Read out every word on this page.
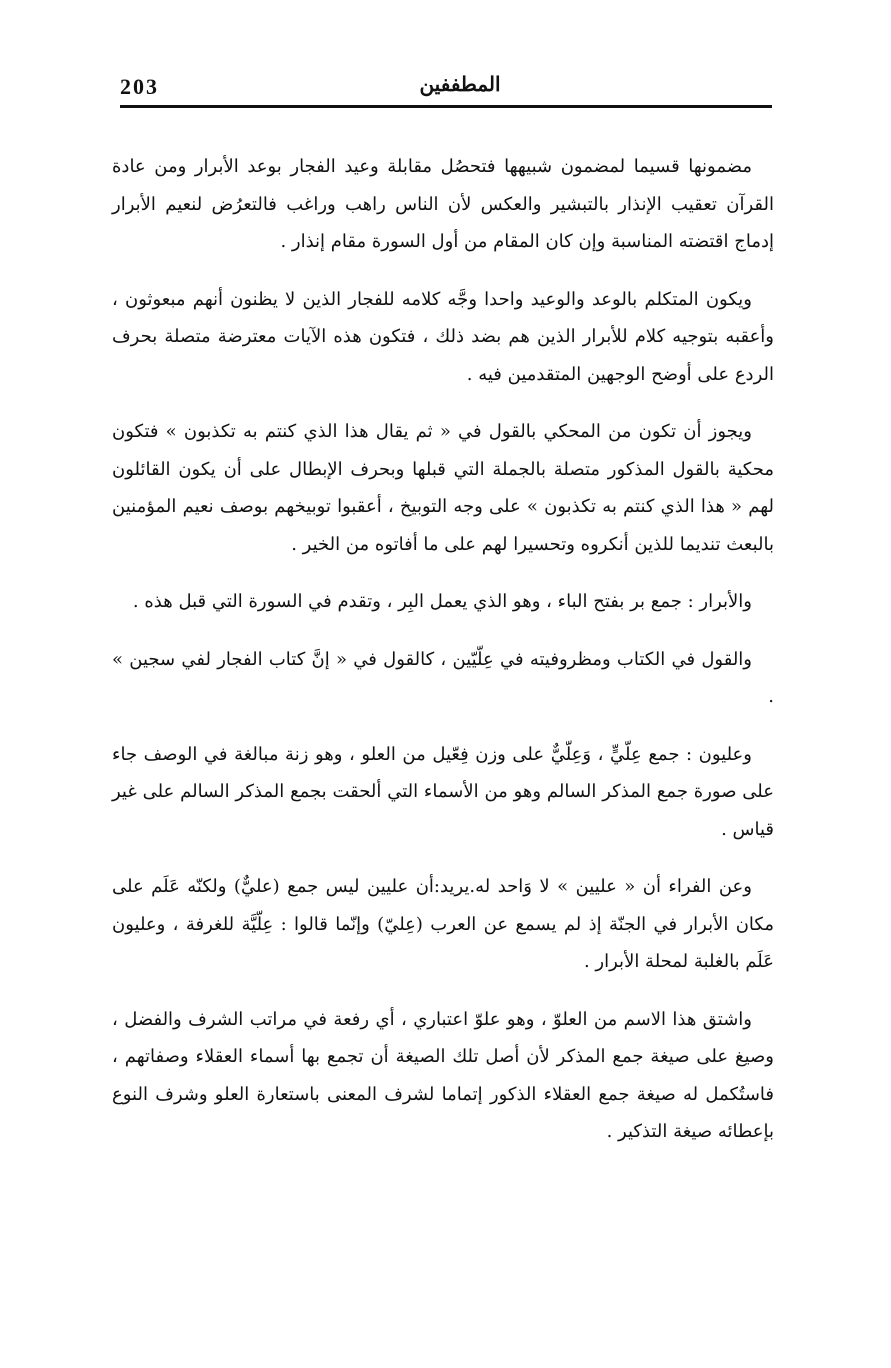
203	المطففين

مضمونها قسيما لمضمون شبيهها فتحصُل مقابلة وعيد الفجار بوعد الأبرار ومن عادة القرآن تعقيب الإنذار بالتبشير والعكس لأن الناس راهب وراغب فالتعرُض لنعيم الأبرار إدماج اقتضته المناسبة وإن كان المقام من أول السورة مقام إنذار .

ويكون المتكلم بالوعد والوعيد واحدا وجَّه كلامه للفجار الذين لا يظنون أنهم مبعوثون ، وأعقبه بتوجيه كلام للأبرار الذين هم بضد ذلك ، فتكون هذه الآيات معترضة متصلة بحرف الردع على أوضح الوجهين المتقدمين فيه .

ويجوز أن تكون من المحكي بالقول في « ثم يقال هذا الذي كنتم به تكذبون » فتكون محكية بالقول المذكور متصلة بالجملة التي قبلها وبحرف الإبطال على أن يكون القائلون لهم « هذا الذي كنتم به تكذبون » على وجه التوبيخ ، أعقبوا توبيخهم بوصف نعيم المؤمنين بالبعث تنديما للذين أنكروه وتحسيرا لهم على ما أفاتوه من الخير .

والأبرار : جمع بر بفتح الباء ، وهو الذي يعمل البِر ، وتقدم في السورة التي قبل هذه .

والقول في الكتاب ومظروفيته في عِلّيّين ، كالقول في « إنَّ كتاب الفجار لفي سجين » .

وعليون : جمع عِلّيٍّ ، وَعِلّيٌّ على وزن فِعّيل من العلو ، وهو زنة مبالغة في الوصف جاء على صورة جمع المذكر السالم وهو من الأسماء التي ألحقت بجمع المذكر السالم على غير قياس .

وعن الفراء أن « عليين » لا وَاحد له.يريد:أن عليين ليس جمع (عليٌّ) ولكنّه عَلَم على مكان الأبرار في الجنّة إذ لم يسمع عن العرب (عِليّ) وإنّما قالوا : عِلّيَّة للغرفة ، وعليون عَلَم بالغلبة لمحلة الأبرار .

واشتق هذا الاسم من العلوّ ، وهو علوّ اعتباري ، أي رفعة في مراتب الشرف والفضل ، وصيغ على صيغة جمع المذكر لأن أصل تلك الصيغة أن تجمع بها أسماء العقلاء وصفاتهم ، فاستُكمل له صيغة جمع العقلاء الذكور إتماما لشرف المعنى باستعارة العلو وشرف النوع بإعطائه صيغة التذكير .
